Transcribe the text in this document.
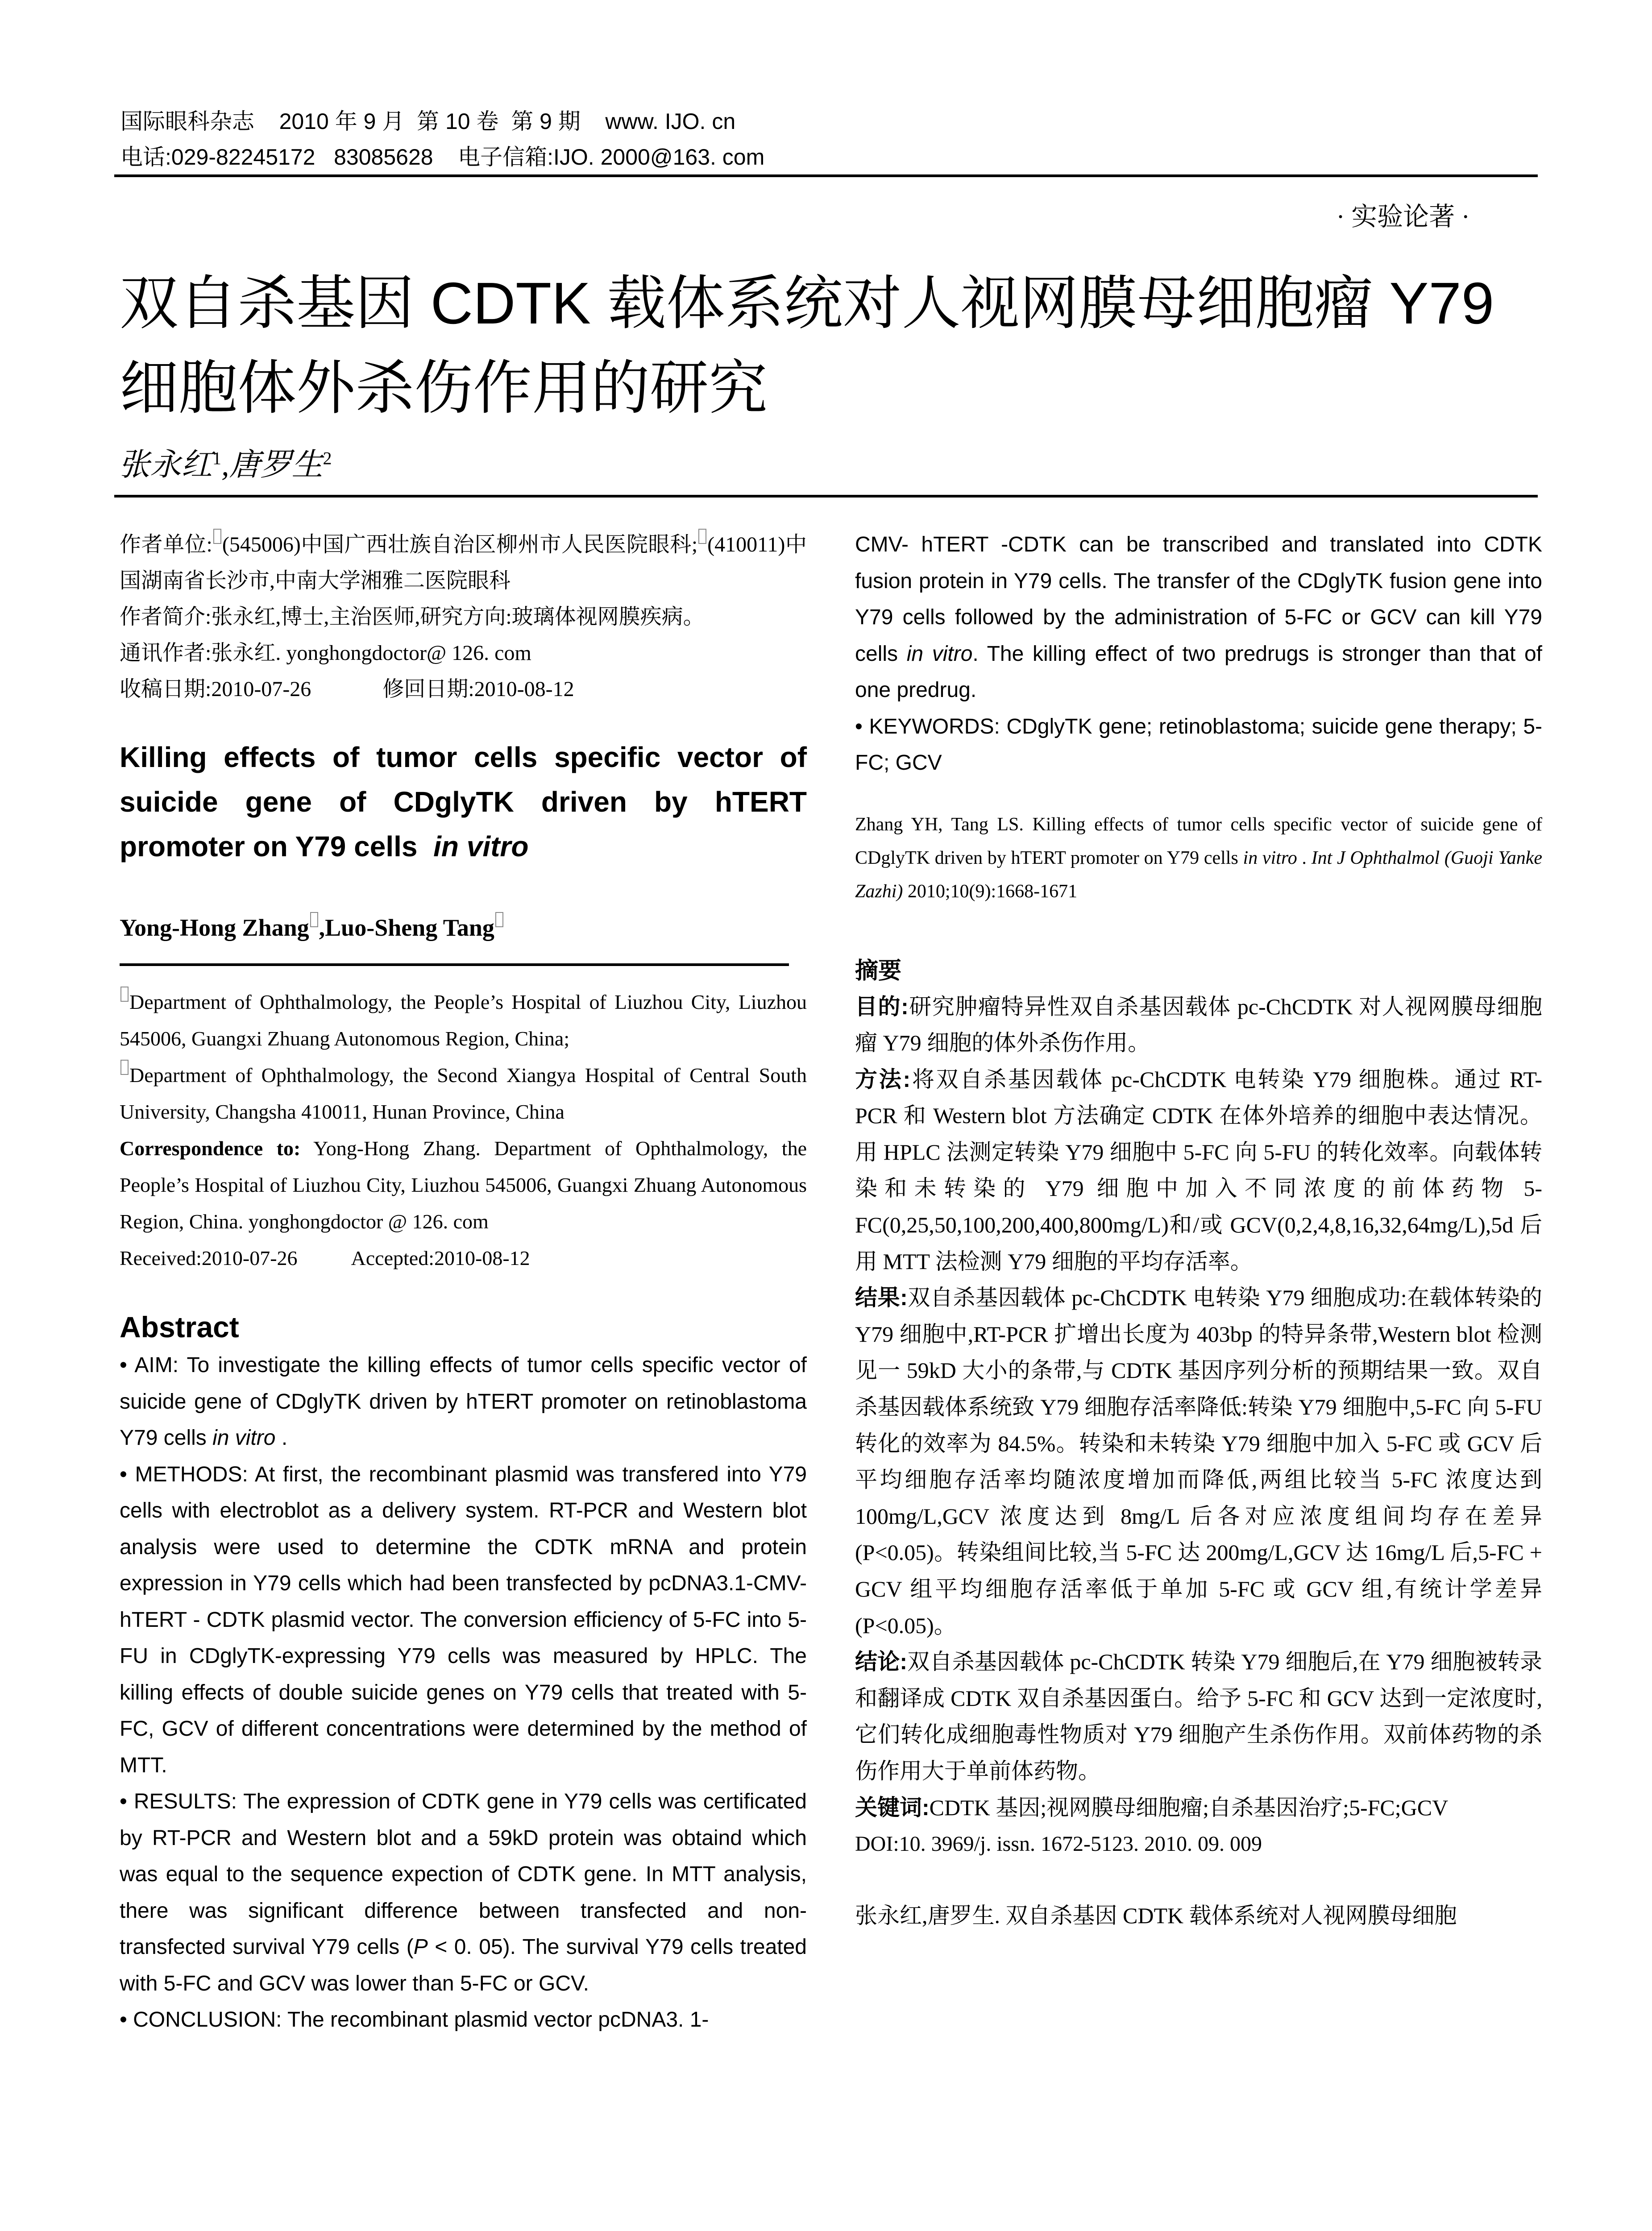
国际眼科杂志    2010 年 9 月  第 10 卷  第 9 期    www. IJO. cn
电话:029-82245172   83085628    电子信箱:IJO. 2000@163. com
· 实验论著 ·
双自杀基因 CDTK 载体系统对人视网膜母细胞瘤 Y79 细胞体外杀伤作用的研究
张永红$^1$,唐罗生$^2$

作者单位: (545006)中国广西壮族自治区柳州市人民医院眼科; (410011)中国湖南省长沙市,中南大学湘雅二医院眼科

作者简介:张永红,博士,主治医师,研究方向:玻璃体视网膜疾病。

通讯作者:张永红. yonghongdoctor@ 126. com

收稿日期:2010-07-26	修回日期:2010-08-12

Killing effects of tumor cells specific vector of suicide gene of CDglyTK driven by hTERT promoter on Y79 cells in vitro
Yong-Hong Zhang ,Luo-Sheng Tang

Department of Ophthalmology, the People’s Hospital of Liuzhou City, Liuzhou 545006, Guangxi Zhuang Autonomous Region, China;

Department of Ophthalmology, the Second Xiangya Hospital of Central South University, Changsha 410011, Hunan Province, China

Correspondence to: Yong-Hong Zhang. Department of Ophthalmology, the People’s Hospital of Liuzhou City, Liuzhou 545006, Guangxi Zhuang Autonomous Region, China. yonghongdoctor @ 126. com

Received:2010-07-26	Accepted:2010-08-12

Abstract

• AIM: To investigate the killing effects of tumor cells specific vector of suicide gene of CDglyTK driven by hTERT promoter on retinoblastoma Y79 cells in vitro .

• METHODS: At first, the recombinant plasmid was transfered into Y79 cells with electroblot as a delivery system. RT-PCR and Western blot analysis were used to determine the CDTK mRNA and protein expression in Y79 cells which had been transfected by pcDNA3.1-CMV- hTERT - CDTK plasmid vector. The conversion efficiency of 5-FC into 5-FU in CDglyTK-expressing Y79 cells was measured by HPLC. The killing effects of double suicide genes on Y79 cells that treated with 5-FC, GCV of different concentrations were determined by the method of MTT.

• RESULTS: The expression of CDTK gene in Y79 cells was certificated by RT-PCR and Western blot and a 59kD protein was obtaind which was equal to the sequence expection of CDTK gene. In MTT analysis, there was significant difference between transfected and non-transfected survival Y79 cells (P < 0. 05). The survival Y79 cells treated with 5-FC and GCV was lower than 5-FC or GCV.

• CONCLUSION: The recombinant plasmid vector pcDNA3. 1-

CMV- hTERT -CDTK can be transcribed and translated into CDTK fusion protein in Y79 cells. The transfer of the CDglyTK fusion gene into Y79 cells followed by the administration of 5-FC or GCV can kill Y79 cells in vitro. The killing effect of two predrugs is stronger than that of one predrug.

• KEYWORDS: CDglyTK gene; retinoblastoma; suicide gene therapy; 5-FC; GCV

Zhang YH, Tang LS. Killing effects of tumor cells specific vector of suicide gene of CDglyTK driven by hTERT promoter on Y79 cells in vitro . Int J Ophthalmol (Guoji Yanke Zazhi) 2010;10(9):1668-1671
摘要

目的:研究肿瘤特异性双自杀基因载体 pc-ChCDTK 对人视网膜母细胞瘤 Y79 细胞的体外杀伤作用。

方法:将双自杀基因载体 pc-ChCDTK 电转染 Y79 细胞株。通过 RT-PCR 和 Western blot 方法确定 CDTK 在体外培养的细胞中表达情况。用 HPLC 法测定转染 Y79 细胞中 5-FC 向 5-FU 的转化效率。向载体转染和未转染的 Y79 细胞中加入不同浓度的前体药物 5-FC(0,25,50,100,200,400,800mg/L)和/或 GCV(0,2,4,8,16,32,64mg/L),5d 后用 MTT 法检测 Y79 细胞的平均存活率。

结果:双自杀基因载体 pc-ChCDTK 电转染 Y79 细胞成功:在载体转染的 Y79 细胞中,RT-PCR 扩增出长度为 403bp 的特异条带,Western blot 检测见一 59kD 大小的条带,与 CDTK 基因序列分析的预期结果一致。双自杀基因载体系统致 Y79 细胞存活率降低:转染 Y79 细胞中,5-FC 向 5-FU 转化的效率为 84.5%。转染和未转染 Y79 细胞中加入 5-FC 或 GCV 后平均细胞存活率均随浓度增加而降低,两组比较当 5-FC 浓度达到 100mg/L,GCV 浓度达到 8mg/L 后各对应浓度组间均存在差异(P<0.05)。转染组间比较,当 5-FC 达 200mg/L,GCV 达 16mg/L 后,5-FC + GCV 组平均细胞存活率低于单加 5-FC 或 GCV 组,有统计学差异(P<0.05)。

结论:双自杀基因载体 pc-ChCDTK 转染 Y79 细胞后,在 Y79 细胞被转录和翻译成 CDTK 双自杀基因蛋白。给予 5-FC 和 GCV 达到一定浓度时,它们转化成细胞毒性物质对 Y79 细胞产生杀伤作用。双前体药物的杀伤作用大于单前体药物。

关键词:CDTK 基因;视网膜母细胞瘤;自杀基因治疗;5-FC;GCV

DOI:10. 3969/j. issn. 1672-5123. 2010. 09. 009
张永红,唐罗生. 双自杀基因 CDTK 载体系统对人视网膜母细胞
